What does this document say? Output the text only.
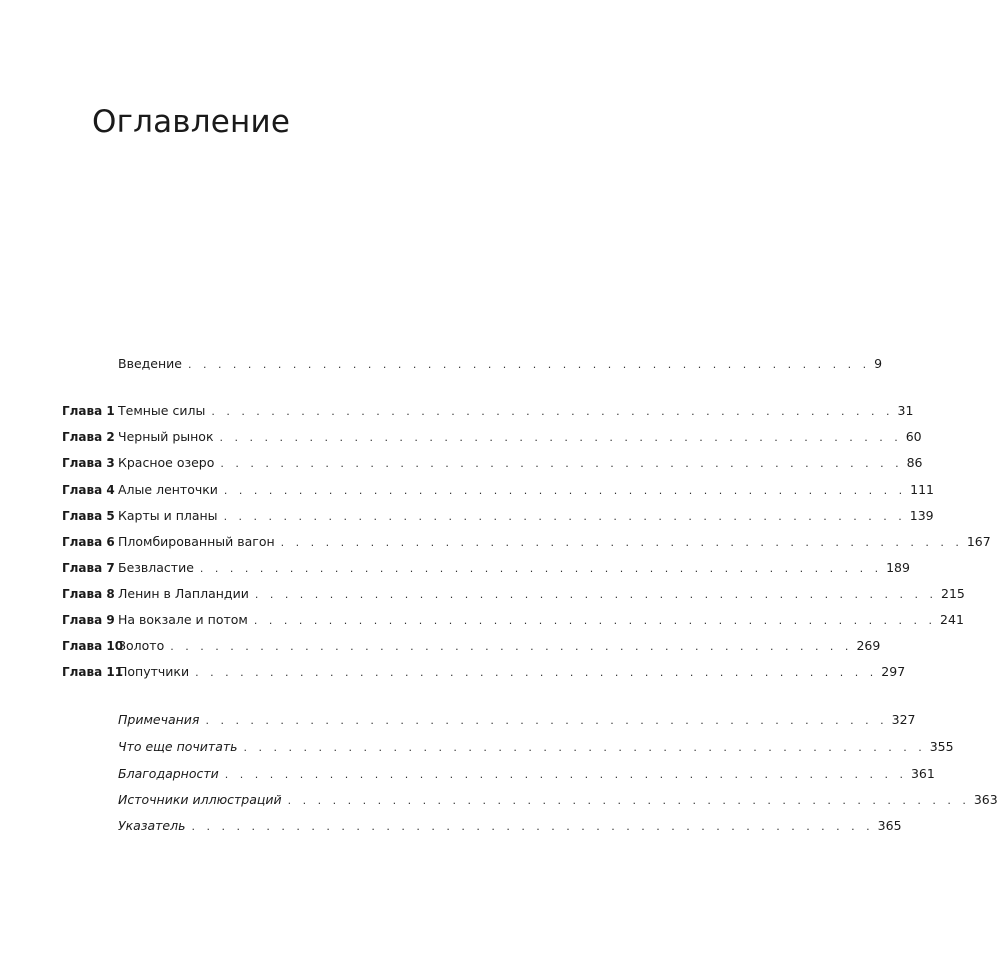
Оглавление
Введение . . . . . . . . . . . . . . . . . . . . . . . . . . . . . . . . . . . . . . . . . . . . . . 9
Глава 1 Темные силы . . . . . . . . . . . . . . . . . . . . . . . . . . . . . . . . . . . . . . . . . . . . . . 31
Глава 2 Черный рынок . . . . . . . . . . . . . . . . . . . . . . . . . . . . . . . . . . . . . . . . . . . . . . 60
Глава 3 Красное озеро . . . . . . . . . . . . . . . . . . . . . . . . . . . . . . . . . . . . . . . . . . . . . . 86
Глава 4 Алые ленточки . . . . . . . . . . . . . . . . . . . . . . . . . . . . . . . . . . . . . . . . . . . . . . 111
Глава 5 Карты и планы . . . . . . . . . . . . . . . . . . . . . . . . . . . . . . . . . . . . . . . . . . . . . . 139
Глава 6 Пломбированный вагон . . . . . . . . . . . . . . . . . . . . . . . . . . . . . . . . . . . . . . . . . . . . . . 167
Глава 7 Безвластие . . . . . . . . . . . . . . . . . . . . . . . . . . . . . . . . . . . . . . . . . . . . . . 189
Глава 8 Ленин в Лапландии . . . . . . . . . . . . . . . . . . . . . . . . . . . . . . . . . . . . . . . . . . . . . . 215
Глава 9 На вокзале и потом . . . . . . . . . . . . . . . . . . . . . . . . . . . . . . . . . . . . . . . . . . . . . . 241
Глава 10
Золото . . . . . . . . . . . . . . . . . . . . . . . . . . . . . . . . . . . . . . . . . . . . . . 269
Глава 11
Попутчики . . . . . . . . . . . . . . . . . . . . . . . . . . . . . . . . . . . . . . . . . . . . . . 297
Примечания . . . . . . . . . . . . . . . . . . . . . . . . . . . . . . . . . . . . . . . . . . . . . . 327
Что еще почитать . . . . . . . . . . . . . . . . . . . . . . . . . . . . . . . . . . . . . . . . . . . . . . 355
Благодарности . . . . . . . . . . . . . . . . . . . . . . . . . . . . . . . . . . . . . . . . . . . . . . 361
Источники иллюстраций . . . . . . . . . . . . . . . . . . . . . . . . . . . . . . . . . . . . . . . . . . . . . . 363
Указатель . . . . . . . . . . . . . . . . . . . . . . . . . . . . . . . . . . . . . . . . . . . . . . 365
